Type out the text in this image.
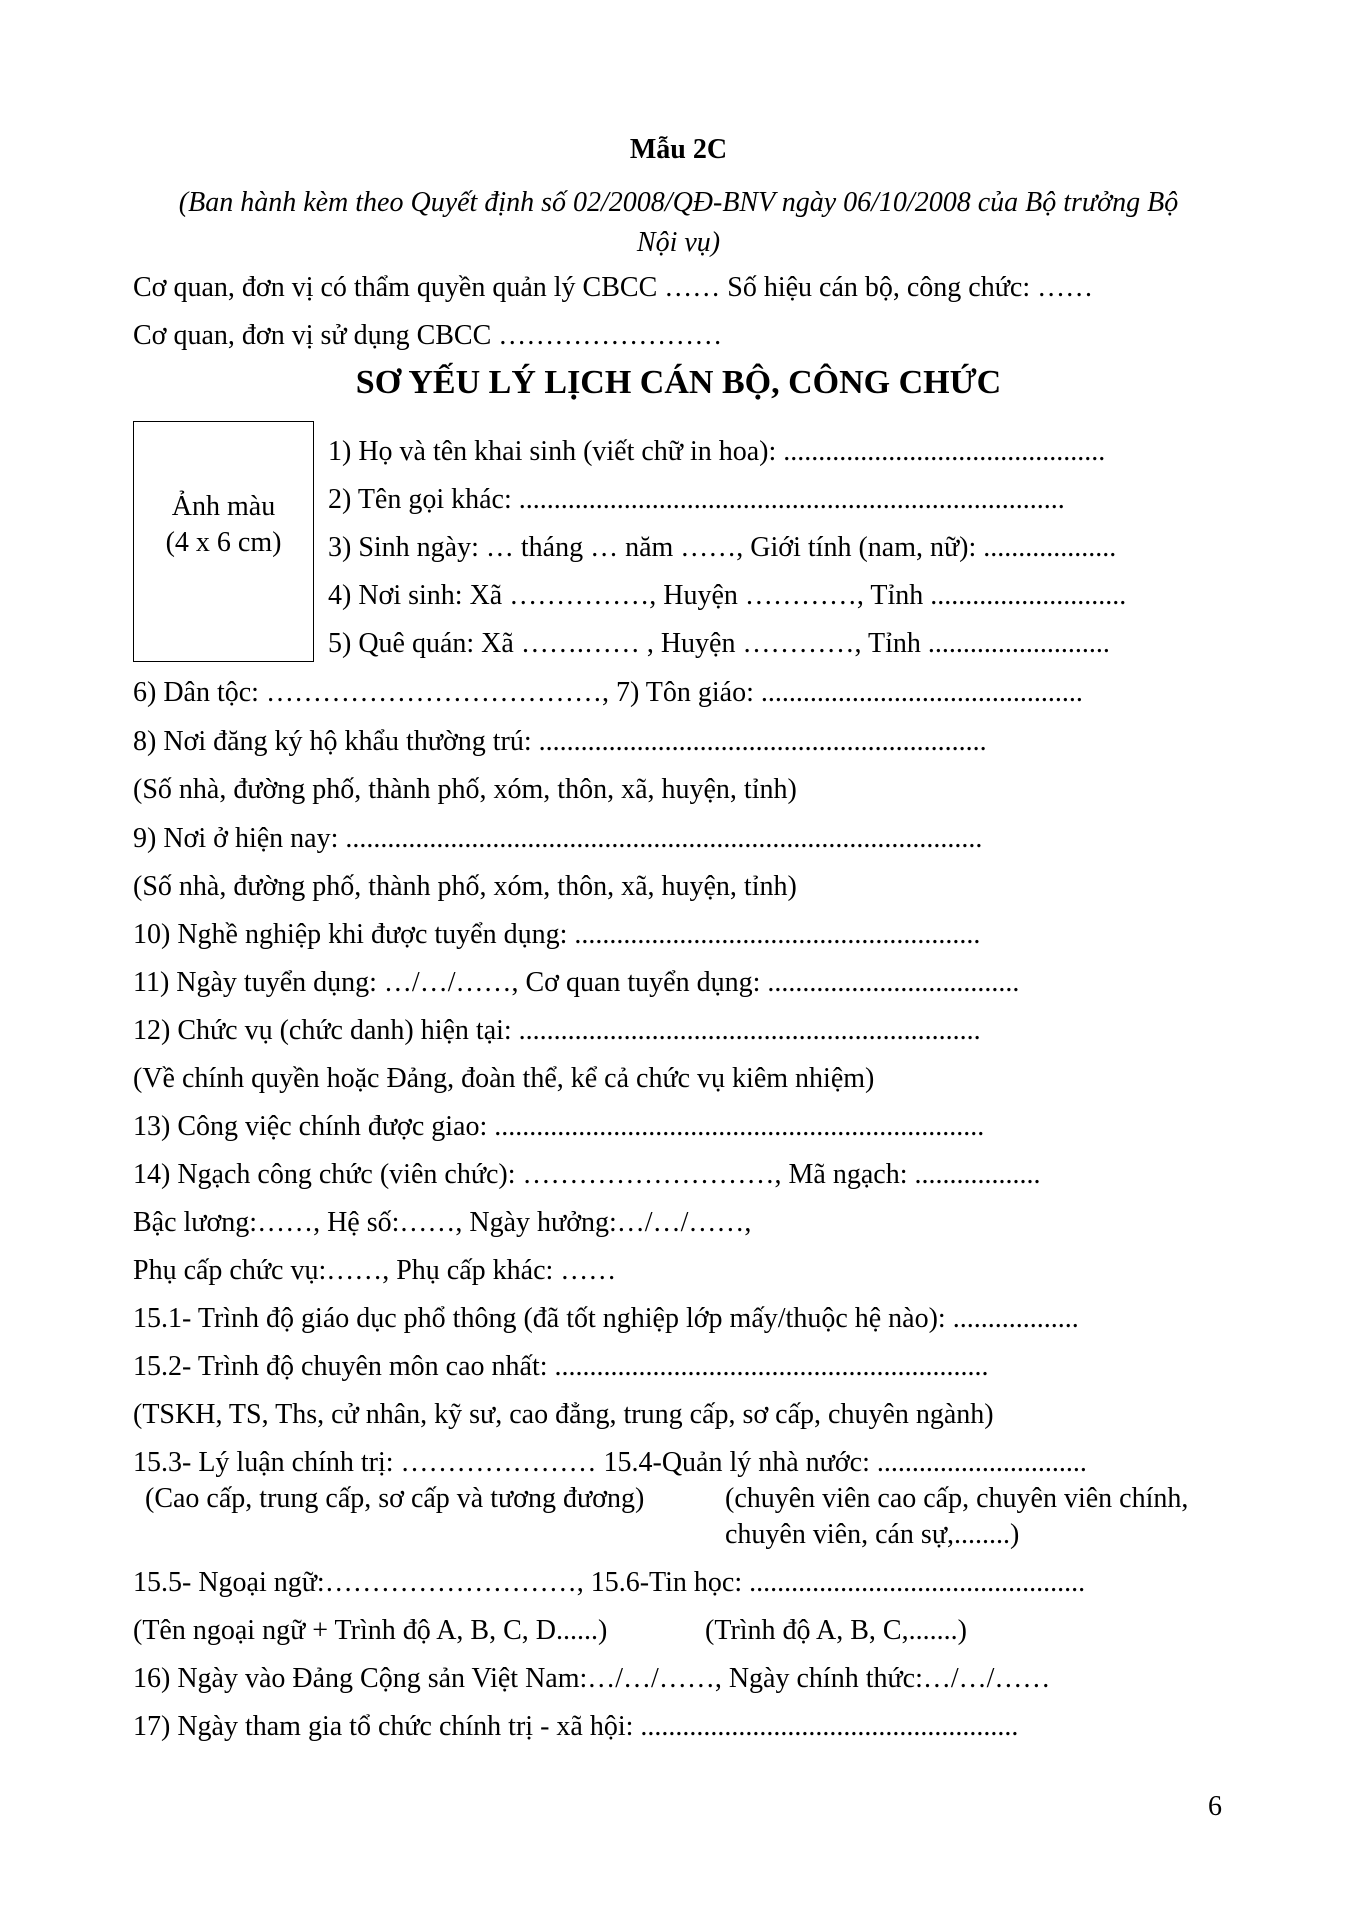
Mẫu 2C
(Ban hành kèm theo Quyết định số 02/2008/QĐ-BNV ngày 06/10/2008 của Bộ trưởng Bộ
Nội vụ)
Cơ quan, đơn vị có thẩm quyền quản lý CBCC …… Số hiệu cán bộ, công chức: ……
Cơ quan, đơn vị sử dụng CBCC ……………………
SƠ YẾU LÝ LỊCH CÁN BỘ, CÔNG CHỨC
Ảnh màu
(4 x 6 cm)
1) Họ và tên khai sinh (viết chữ in hoa): ..............................................
2) Tên gọi khác: ..............................................................................
3) Sinh ngày: … tháng … năm ……, Giới tính (nam, nữ): ...................
4) Nơi sinh: Xã ……………, Huyện …………, Tỉnh ............................
5) Quê quán: Xã …….…… , Huyện …………, Tỉnh ..........................
6) Dân tộc: ………………………………, 7) Tôn giáo: ..............................................
8) Nơi đăng ký hộ khẩu thường trú: ................................................................
(Số nhà, đường phố, thành phố, xóm, thôn, xã, huyện, tỉnh)
9) Nơi ở hiện nay: ...........................................................................................
(Số nhà, đường phố, thành phố, xóm, thôn, xã, huyện, tỉnh)
10) Nghề nghiệp khi được tuyển dụng: ..........................................................
11) Ngày tuyển dụng: …/…/……, Cơ quan tuyển dụng: ....................................
12) Chức vụ (chức danh) hiện tại: ..................................................................
(Về chính quyền hoặc Đảng, đoàn thể, kể cả chức vụ kiêm nhiệm)
13) Công việc chính được giao: ......................................................................
14) Ngạch công chức (viên chức): ………………………, Mã ngạch: ..................
Bậc lương:……, Hệ số:……, Ngày hưởng:…/…/……,
Phụ cấp chức vụ:……, Phụ cấp khác: ……
15.1- Trình độ giáo dục phổ thông (đã tốt nghiệp lớp mấy/thuộc hệ nào): ..................
15.2- Trình độ chuyên môn cao nhất: ..............................................................
(TSKH, TS, Ths, cử nhân, kỹ sư, cao đẳng, trung cấp, sơ cấp, chuyên ngành)
15.3- Lý luận chính trị: ………………… 15.4-Quản lý nhà nước: ..............................
(Cao cấp, trung cấp, sơ cấp và tương đương)	(chuyên viên cao cấp, chuyên viên chính,
chuyên viên, cán sự,........)
15.5- Ngoại ngữ:………………………, 15.6-Tin học: ................................................
(Tên ngoại ngữ + Trình độ A, B, C, D......)	(Trình độ A, B, C,.......)
16) Ngày vào Đảng Cộng sản Việt Nam:…/…/……, Ngày chính thức:…/…/……
17) Ngày tham gia tổ chức chính trị - xã hội: ......................................................
6
